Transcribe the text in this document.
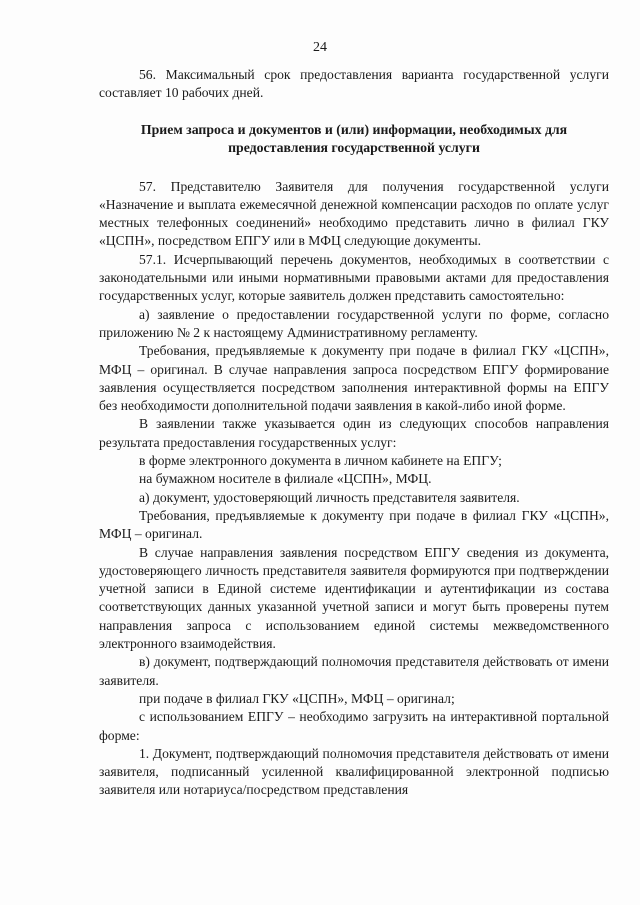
24

56. Максимальный срок предоставления варианта государственной услуги составляет 10 рабочих дней.

Прием запроса и документов и (или) информации, необходимых для предоставления государственной услуги

57. Представителю Заявителя для получения государственной услуги «Назначение и выплата ежемесячной денежной компенсации расходов по оплате услуг местных телефонных соединений» необходимо представить лично в филиал ГКУ «ЦСПН», посредством ЕПГУ или в МФЦ следующие документы.

57.1. Исчерпывающий перечень документов, необходимых в соответствии с законодательными или иными нормативными правовыми актами для предоставления государственных услуг, которые заявитель должен представить самостоятельно:

а) заявление о предоставлении государственной услуги по форме, согласно приложению № 2 к настоящему Административному регламенту.

Требования, предъявляемые к документу при подаче в филиал ГКУ «ЦСПН», МФЦ – оригинал. В случае направления запроса посредством ЕПГУ формирование заявления осуществляется посредством заполнения интерактивной формы на ЕПГУ без необходимости дополнительной подачи заявления в какой-либо иной форме.

В заявлении также указывается один из следующих способов направления результата предоставления государственных услуг:

в форме электронного документа в личном кабинете на ЕПГУ;

на бумажном носителе в филиале «ЦСПН», МФЦ.

а) документ, удостоверяющий личность представителя заявителя.

Требования, предъявляемые к документу при подаче в филиал ГКУ «ЦСПН», МФЦ – оригинал.

В случае направления заявления посредством ЕПГУ сведения из документа, удостоверяющего личность представителя заявителя формируются при подтверждении учетной записи в Единой системе идентификации и аутентификации из состава соответствующих данных указанной учетной записи и могут быть проверены путем направления запроса с использованием единой системы межведомственного электронного взаимодействия.

в) документ, подтверждающий полномочия представителя действовать от имени заявителя.

при подаче в филиал ГКУ «ЦСПН», МФЦ – оригинал;

с использованием ЕПГУ – необходимо загрузить на интерактивной портальной форме:

1. Документ, подтверждающий полномочия представителя действовать от имени заявителя, подписанный усиленной квалифицированной электронной подписью заявителя или нотариуса/посредством представления
